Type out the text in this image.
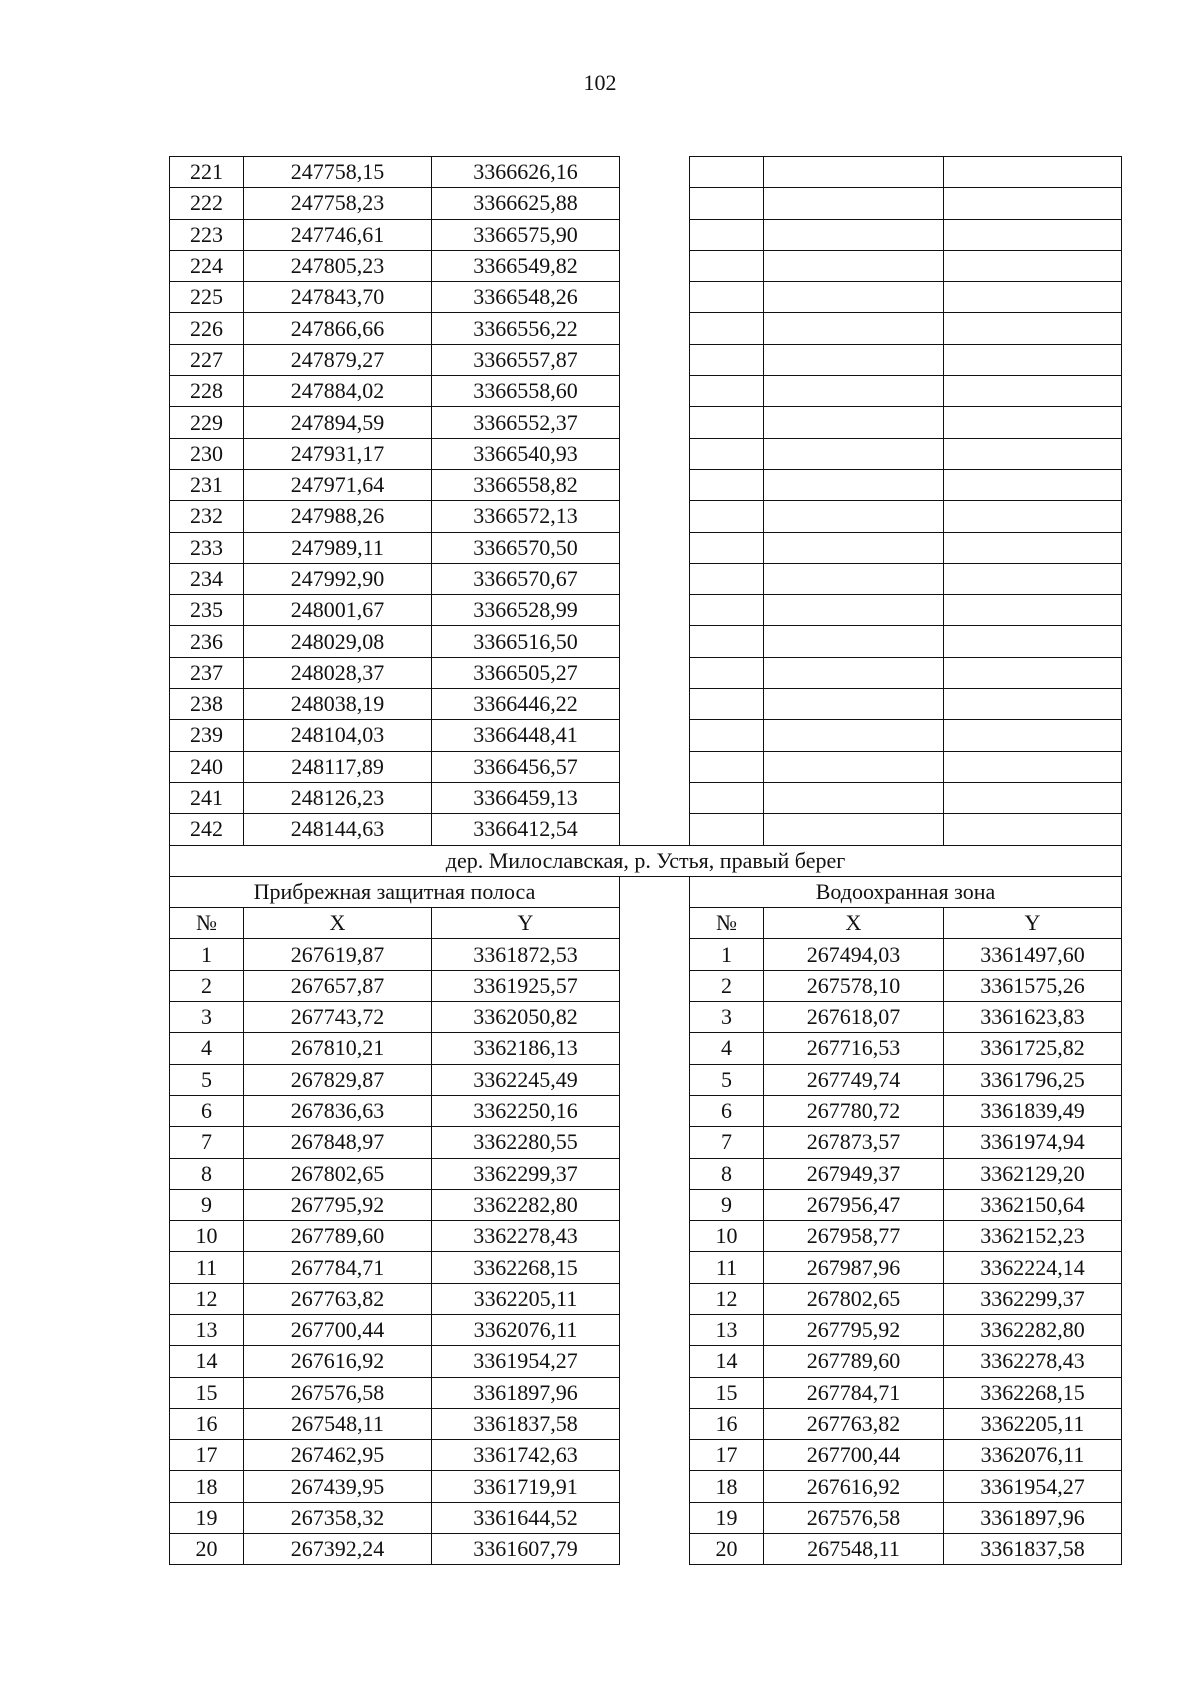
102
221	247758,15	3366626,16				
222	247758,23	3366625,88				
223	247746,61	3366575,90				
224	247805,23	3366549,82				
225	247843,70	3366548,26				
226	247866,66	3366556,22				
227	247879,27	3366557,87				
228	247884,02	3366558,60				
229	247894,59	3366552,37				
230	247931,17	3366540,93				
231	247971,64	3366558,82				
232	247988,26	3366572,13				
233	247989,11	3366570,50				
234	247992,90	3366570,67				
235	248001,67	3366528,99				
236	248029,08	3366516,50				
237	248028,37	3366505,27				
238	248038,19	3366446,22				
239	248104,03	3366448,41				
240	248117,89	3366456,57				
241	248126,23	3366459,13				
242	248144,63	3366412,54				
дер. Милославская, р. Устья, правый берег						
Прибрежная защитная полоса				Водоохранная зона		
№	X	Y		№	X	Y
1	267619,87	3361872,53		1	267494,03	3361497,60
2	267657,87	3361925,57		2	267578,10	3361575,26
3	267743,72	3362050,82		3	267618,07	3361623,83
4	267810,21	3362186,13		4	267716,53	3361725,82
5	267829,87	3362245,49		5	267749,74	3361796,25
6	267836,63	3362250,16		6	267780,72	3361839,49
7	267848,97	3362280,55		7	267873,57	3361974,94
8	267802,65	3362299,37		8	267949,37	3362129,20
9	267795,92	3362282,80		9	267956,47	3362150,64
10	267789,60	3362278,43		10	267958,77	3362152,23
11	267784,71	3362268,15		11	267987,96	3362224,14
12	267763,82	3362205,11		12	267802,65	3362299,37
13	267700,44	3362076,11		13	267795,92	3362282,80
14	267616,92	3361954,27		14	267789,60	3362278,43
15	267576,58	3361897,96		15	267784,71	3362268,15
16	267548,11	3361837,58		16	267763,82	3362205,11
17	267462,95	3361742,63		17	267700,44	3362076,11
18	267439,95	3361719,91		18	267616,92	3361954,27
19	267358,32	3361644,52		19	267576,58	3361897,96
20	267392,24	3361607,79		20	267548,11	3361837,58
